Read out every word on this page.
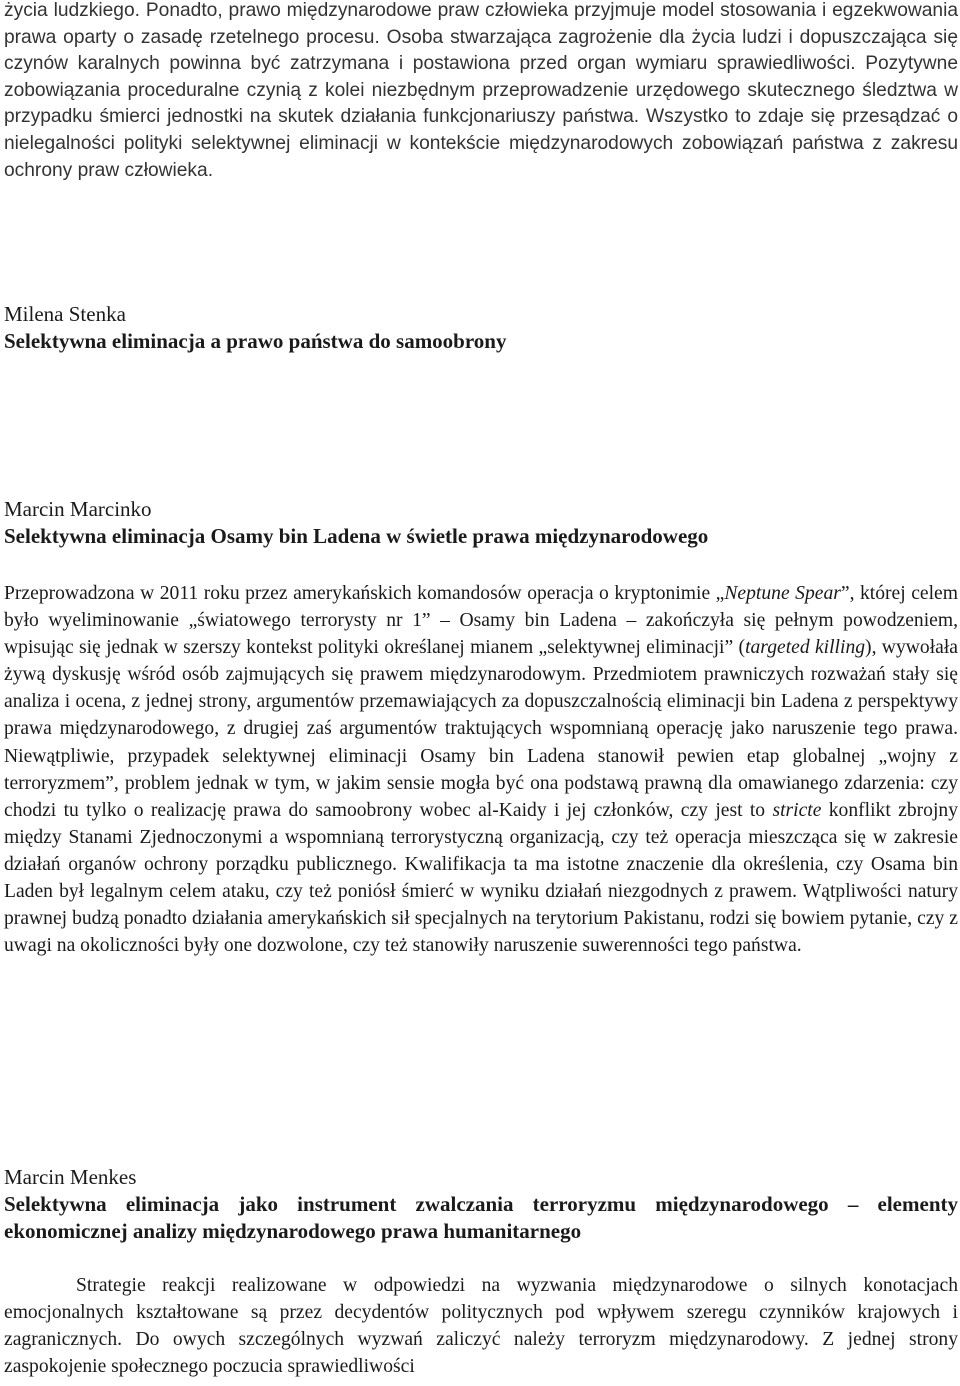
życia ludzkiego. Ponadto, prawo międzynarodowe praw człowieka przyjmuje model stosowania i egzekwowania prawa oparty o zasadę rzetelnego procesu. Osoba stwarzająca zagrożenie dla życia ludzi i dopuszczająca się czynów karalnych powinna być zatrzymana i postawiona przed organ wymiaru sprawiedliwości. Pozytywne zobowiązania proceduralne czynią z kolei niezbędnym przeprowadzenie urzędowego skutecznego śledztwa w przypadku śmierci jednostki na skutek działania funkcjonariuszy państwa. Wszystko to zdaje się przesądzać o nielegalności polityki selektywnej eliminacji w kontekście międzynarodowych zobowiązań państwa z zakresu ochrony praw człowieka.

Milena Stenka

Selektywna eliminacja a prawo państwa do samoobrony

Marcin Marcinko

Selektywna eliminacja Osamy bin Ladena w świetle prawa międzynarodowego

Przeprowadzona w 2011 roku przez amerykańskich komandosów operacja o kryptonimie „Neptune Spear”, której celem było wyeliminowanie „światowego terrorysty nr 1” – Osamy bin Ladena – zakończyła się pełnym powodzeniem, wpisując się jednak w szerszy kontekst polityki określanej mianem „selektywnej eliminacji” (targeted killing), wywołała żywą dyskusję wśród osób zajmujących się prawem międzynarodowym. Przedmiotem prawniczych rozważań stały się analiza i ocena, z jednej strony, argumentów przemawiających za dopuszczalnością eliminacji bin Ladena z perspektywy prawa międzynarodowego, z drugiej zaś argumentów traktujących wspomnianą operację jako naruszenie tego prawa. Niewątpliwie, przypadek selektywnej eliminacji Osamy bin Ladena stanowił pewien etap globalnej „wojny z terroryzmem”, problem jednak w tym, w jakim sensie mogła być ona podstawą prawną dla omawianego zdarzenia: czy chodzi tu tylko o realizację prawa do samoobrony wobec al-Kaidy i jej członków, czy jest to stricte konflikt zbrojny między Stanami Zjednoczonymi a wspomnianą terrorystyczną organizacją, czy też operacja mieszcząca się w zakresie działań organów ochrony porządku publicznego. Kwalifikacja ta ma istotne znaczenie dla określenia, czy Osama bin Laden był legalnym celem ataku, czy też poniósł śmierć w wyniku działań niezgodnych z prawem. Wątpliwości natury prawnej budzą ponadto działania amerykańskich sił specjalnych na terytorium Pakistanu, rodzi się bowiem pytanie, czy z uwagi na okoliczności były one dozwolone, czy też stanowiły naruszenie suwerenności tego państwa.

Marcin Menkes

Selektywna eliminacja jako instrument zwalczania terroryzmu międzynarodowego – elementy ekonomicznej analizy międzynarodowego prawa humanitarnego

Strategie reakcji realizowane w odpowiedzi na wyzwania międzynarodowe o silnych konotacjach emocjonalnych kształtowane są przez decydentów politycznych pod wpływem szeregu czynników krajowych i zagranicznych. Do owych szczególnych wyzwań zaliczyć należy terroryzm międzynarodowy. Z jednej strony zaspokojenie społecznego poczucia sprawiedliwości
